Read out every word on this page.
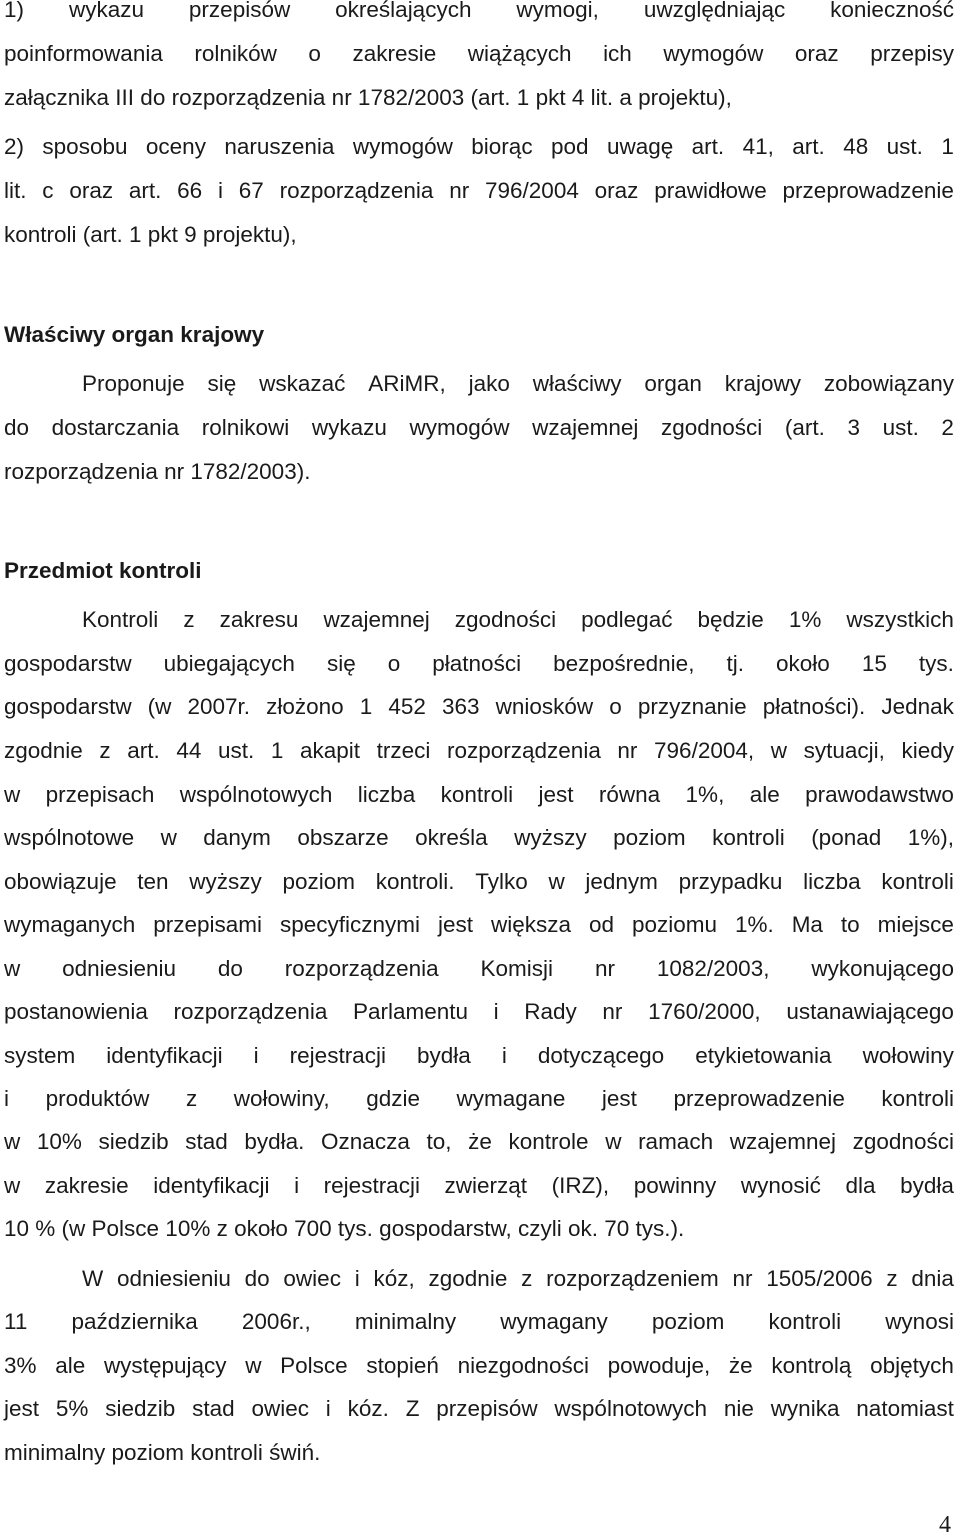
1) wykazu przepisów określających wymogi, uwzględniając konieczność
poinformowania rolników o zakresie wiążących ich wymogów oraz przepisy
załącznika III do rozporządzenia nr 1782/2003 (art. 1 pkt 4 lit. a projektu),
2) sposobu oceny naruszenia wymogów biorąc pod uwagę art. 41, art. 48 ust. 1
lit. c oraz art. 66 i 67 rozporządzenia nr 796/2004 oraz prawidłowe przeprowadzenie
kontroli (art. 1 pkt 9 projektu),
Właściwy organ krajowy
Proponuje się wskazać ARiMR, jako właściwy organ krajowy zobowiązany
do dostarczania rolnikowi wykazu wymogów wzajemnej zgodności (art. 3 ust. 2
rozporządzenia nr 1782/2003).
Przedmiot kontroli
Kontroli z zakresu wzajemnej zgodności podlegać będzie 1% wszystkich
gospodarstw ubiegających się o płatności bezpośrednie, tj. około 15 tys.
gospodarstw (w 2007r. złożono 1 452 363 wniosków o przyznanie płatności). Jednak
zgodnie z art. 44 ust. 1 akapit trzeci rozporządzenia nr 796/2004, w sytuacji, kiedy
w przepisach wspólnotowych liczba kontroli jest równa 1%, ale prawodawstwo
wspólnotowe w danym obszarze określa wyższy poziom kontroli (ponad 1%),
obowiązuje ten wyższy poziom kontroli. Tylko w jednym przypadku liczba kontroli
wymaganych przepisami specyficznymi jest większa od poziomu 1%. Ma to miejsce
w odniesieniu do rozporządzenia Komisji nr 1082/2003, wykonującego
postanowienia rozporządzenia Parlamentu i Rady nr 1760/2000, ustanawiającego
system identyfikacji i rejestracji bydła i dotyczącego etykietowania wołowiny
i produktów z wołowiny, gdzie wymagane jest przeprowadzenie kontroli
w 10% siedzib stad bydła. Oznacza to, że kontrole w ramach wzajemnej zgodności
w zakresie identyfikacji i rejestracji zwierząt (IRZ), powinny wynosić dla bydła
10 % (w Polsce 10% z około 700 tys. gospodarstw, czyli ok. 70 tys.).
W odniesieniu do owiec i kóz, zgodnie z rozporządzeniem nr 1505/2006 z dnia
11 października 2006r., minimalny wymagany poziom kontroli wynosi
3% ale występujący w Polsce stopień niezgodności powoduje, że kontrolą objętych
jest 5% siedzib stad owiec i kóz. Z przepisów wspólnotowych nie wynika natomiast
minimalny poziom kontroli świń.
4
